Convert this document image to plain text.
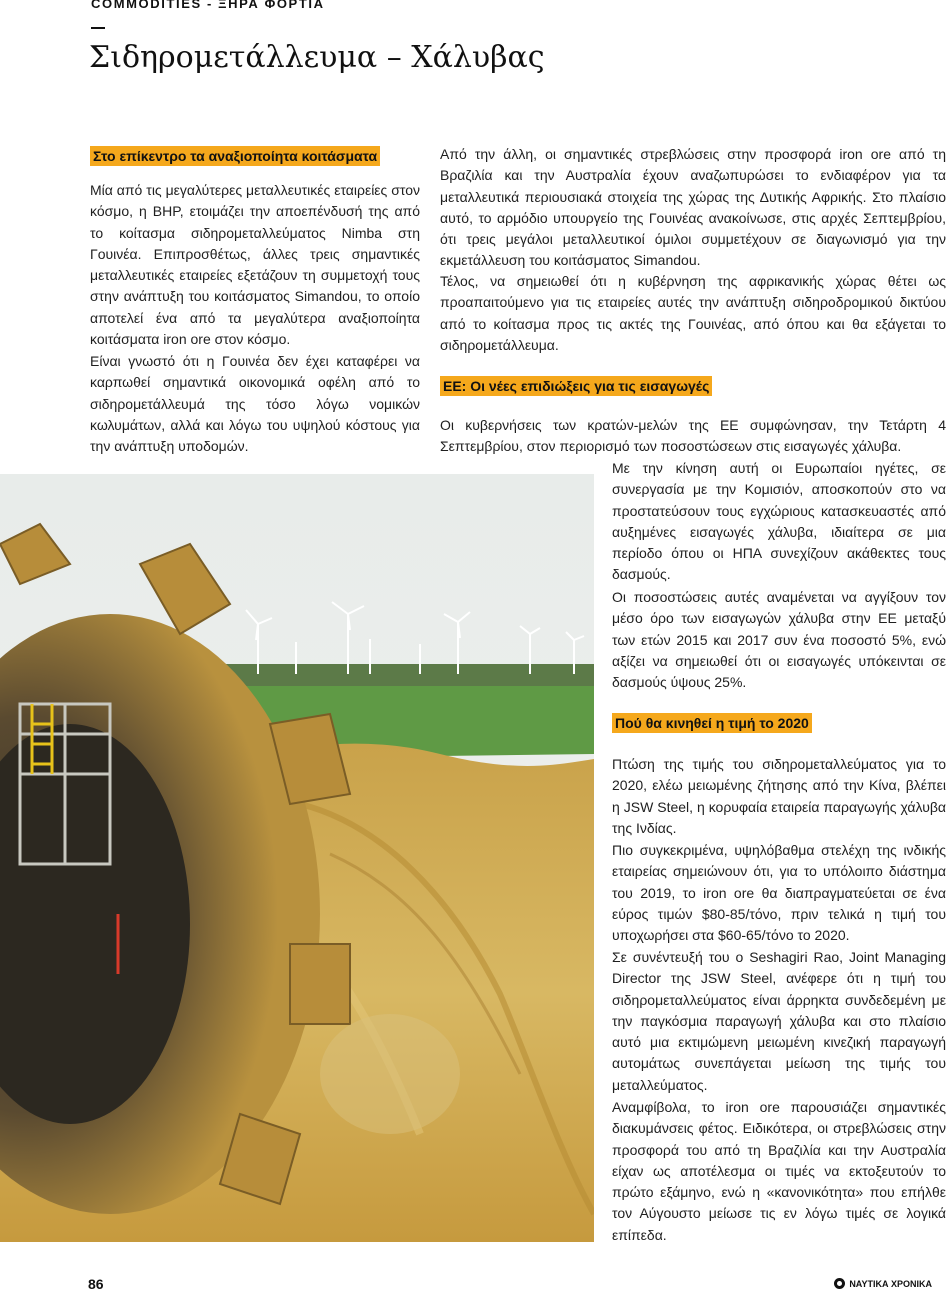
COMMODITIES - ΞΗΡΑ ΦΟΡΤΙΑ

Σιδηρομετάλλευμα – Χάλυβας
Στο επίκεντρο τα αναξιοποίητα κοιτάσματα

Μία από τις μεγαλύτερες μεταλλευτικές εταιρείες στον κόσμο, η BHP, ετοιμάζει την αποεπένδυσή της από το κοίτασμα σιδηρομεταλλεύματος Nimba στη Γουινέα. Επιπροσθέτως, άλλες τρεις σημαντικές μεταλλευτικές εταιρείες εξετάζουν τη συμμετοχή τους στην ανάπτυξη του κοιτάσματος Simandou, το οποίο αποτελεί ένα από τα μεγαλύτερα αναξιοποίητα κοιτάσματα iron ore στον κόσμο.

Είναι γνωστό ότι η Γουινέα δεν έχει καταφέρει να καρπωθεί σημαντικά οικονομικά οφέλη από το σιδηρομετάλλευμά της τόσο λόγω νομικών κωλυμάτων, αλλά και λόγω του υψηλού κόστους για την ανάπτυξη υποδομών.

Από την άλλη, οι σημαντικές στρεβλώσεις στην προσφορά iron ore από τη Βραζιλία και την Αυστραλία έχουν αναζωπυρώσει το ενδιαφέρον για τα μεταλλευτικά περιουσιακά στοιχεία της χώρας της Δυτικής Αφρικής. Στο πλαίσιο αυτό, το αρμόδιο υπουργείο της Γουινέας ανακοίνωσε, στις αρχές Σεπτεμβρίου, ότι τρεις μεγάλοι μεταλλευτικοί όμιλοι συμμετέχουν σε διαγωνισμό για την εκμετάλλευση του κοιτάσματος Simandou.

Τέλος, να σημειωθεί ότι η κυβέρνηση της αφρικανικής χώρας θέτει ως προαπαιτούμενο για τις εταιρείες αυτές την ανάπτυξη σιδηροδρομικού δικτύου από το κοίτασμα προς τις ακτές της Γουινέας, από όπου και θα εξάγεται το σιδηρομετάλλευμα.

ΕΕ: Οι νέες επιδιώξεις για τις εισαγωγές

Οι κυβερνήσεις των κρατών-μελών της ΕΕ συμφώνησαν, την Τετάρτη 4 Σεπτεμβρίου, στον περιορισμό των ποσοστώσεων στις εισαγωγές χάλυβα.

Με την κίνηση αυτή οι Ευρωπαίοι ηγέτες, σε συνεργασία με την Κομισιόν, αποσκοπούν στο να προστατεύσουν τους εγχώριους κατασκευαστές από αυξημένες εισαγωγές χάλυβα, ιδιαίτερα σε μια περίοδο όπου οι ΗΠΑ συνεχίζουν ακάθεκτες τους δασμούς.

Οι ποσοστώσεις αυτές αναμένεται να αγγίξουν τον μέσο όρο των εισαγωγών χάλυβα στην ΕΕ μεταξύ των ετών 2015 και 2017 συν ένα ποσοστό 5%, ενώ αξίζει να σημειωθεί ότι οι εισαγωγές υπόκεινται σε δασμούς ύψους 25%.

Πού θα κινηθεί η τιμή το 2020

Πτώση της τιμής του σιδηρομεταλλεύματος για το 2020, ελέω μειωμένης ζήτησης από την Κίνα, βλέπει η JSW Steel, η κορυφαία εταιρεία παραγωγής χάλυβα της Ινδίας.

Πιο συγκεκριμένα, υψηλόβαθμα στελέχη της ινδικής εταιρείας σημειώνουν ότι, για το υπόλοιπο διάστημα του 2019, το iron ore θα διαπραγματεύεται σε ένα εύρος τιμών $80-85/τόνο, πριν τελικά η τιμή του υποχωρήσει στα $60-65/τόνο το 2020.

Σε συνέντευξή του ο Seshagiri Rao, Joint Managing Director της JSW Steel, ανέφερε ότι η τιμή του σιδηρομεταλλεύματος είναι άρρηκτα συνδεδεμένη με την παγκόσμια παραγωγή χάλυβα και στο πλαίσιο αυτό μια εκτιμώμενη μειωμένη κινεζική παραγωγή αυτομάτως συνεπάγεται μείωση της τιμής του μεταλλεύματος.

Αναμφίβολα, το iron ore παρουσιάζει σημαντικές διακυμάνσεις φέτος. Ειδικότερα, οι στρεβλώσεις στην προσφορά του από τη Βραζιλία και την Αυστραλία είχαν ως αποτέλεσμα οι τιμές να εκτοξευτούν το πρώτο εξάμηνο, ενώ η «κανονικότητα» που επήλθε τον Αύγουστο μείωσε τις εν λόγω τιμές σε λογικά επίπεδα.

86	ΝΑΥΤΙΚΑ ΧΡΟΝΙΚΑ
